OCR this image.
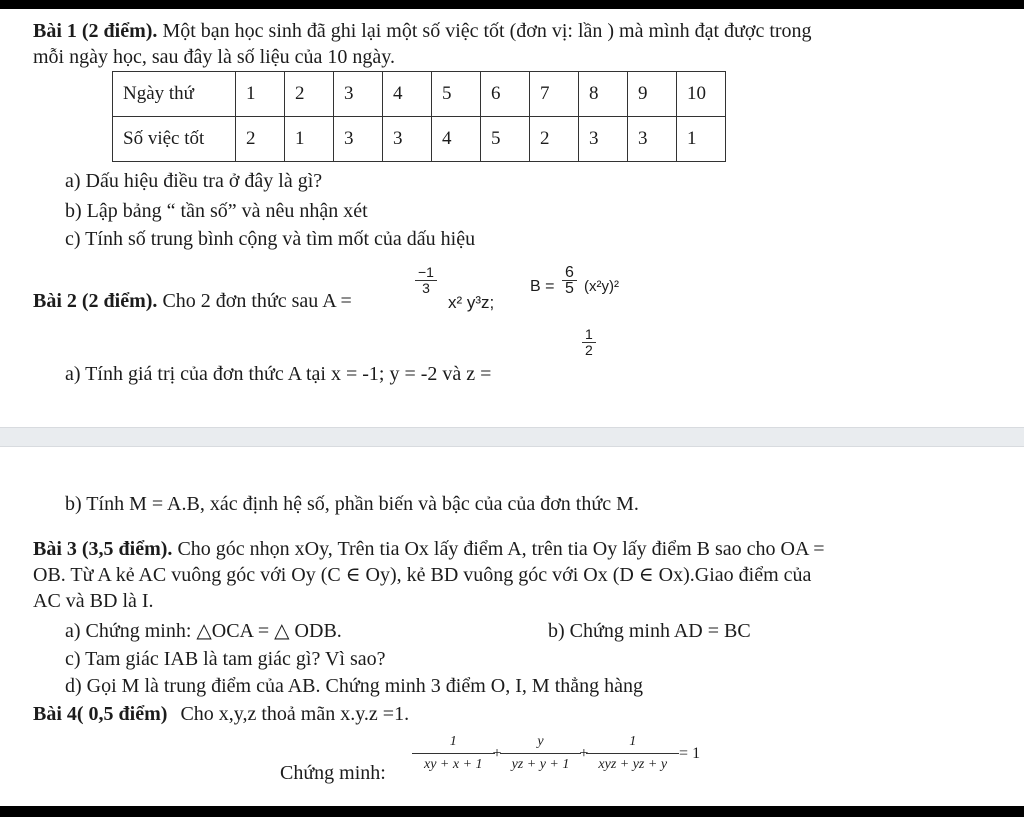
Bài 1 (2 điểm). Một bạn học sinh đã ghi lại một số việc tốt (đơn vị: lần ) mà mình đạt được trong
mỗi ngày học, sau đây là số liệu của 10 ngày.
Ngày thứ	1	2	3	4	5	6	7	8	9	10
Số việc tốt	2	1	3	3	4	5	2	3	3	1
a) Dấu hiệu điều tra ở đây là gì?
b) Lập bảng “ tần số” và nêu nhận xét
c) Tính số trung bình cộng và tìm mốt của dấu hiệu
Bài 2 (2 điểm). Cho 2 đơn thức sau A =
$\frac{-1}{3}$
x² y³z;
$B = \frac{6}{5} (x^2y)^2$
a) Tính giá trị của đơn thức A tại x = -1; y = -2 và z =
$\frac{1}{2}$
b) Tính M = A.B, xác định hệ số, phần biến và bậc của của đơn thức M.
Bài 3 (3,5 điểm). Cho góc nhọn xOy, Trên tia Ox lấy điểm A, trên tia Oy lấy điểm B sao cho OA =
OB. Từ A kẻ AC vuông góc với Oy (C ∈ Oy), kẻ BD vuông góc với Ox (D ∈ Ox).Giao điểm của
AC và BD là I.
a) Chứng minh: △OCA = △ ODB.	b) Chứng minh AD = BC
c) Tam giác IAB là tam giác gì? Vì sao?
d) Gọi M là trung điểm của AB. Chứng minh 3 điểm O, I, M thẳng hàng
Bài 4( 0,5 điểm) Cho x,y,z thoả mãn x.y.z =1.
Chứng minh:	$\frac{1}{xy + x + 1} + \frac{y}{yz + y + 1} + \frac{1}{\text{xyz + yz + y}} = 1$
